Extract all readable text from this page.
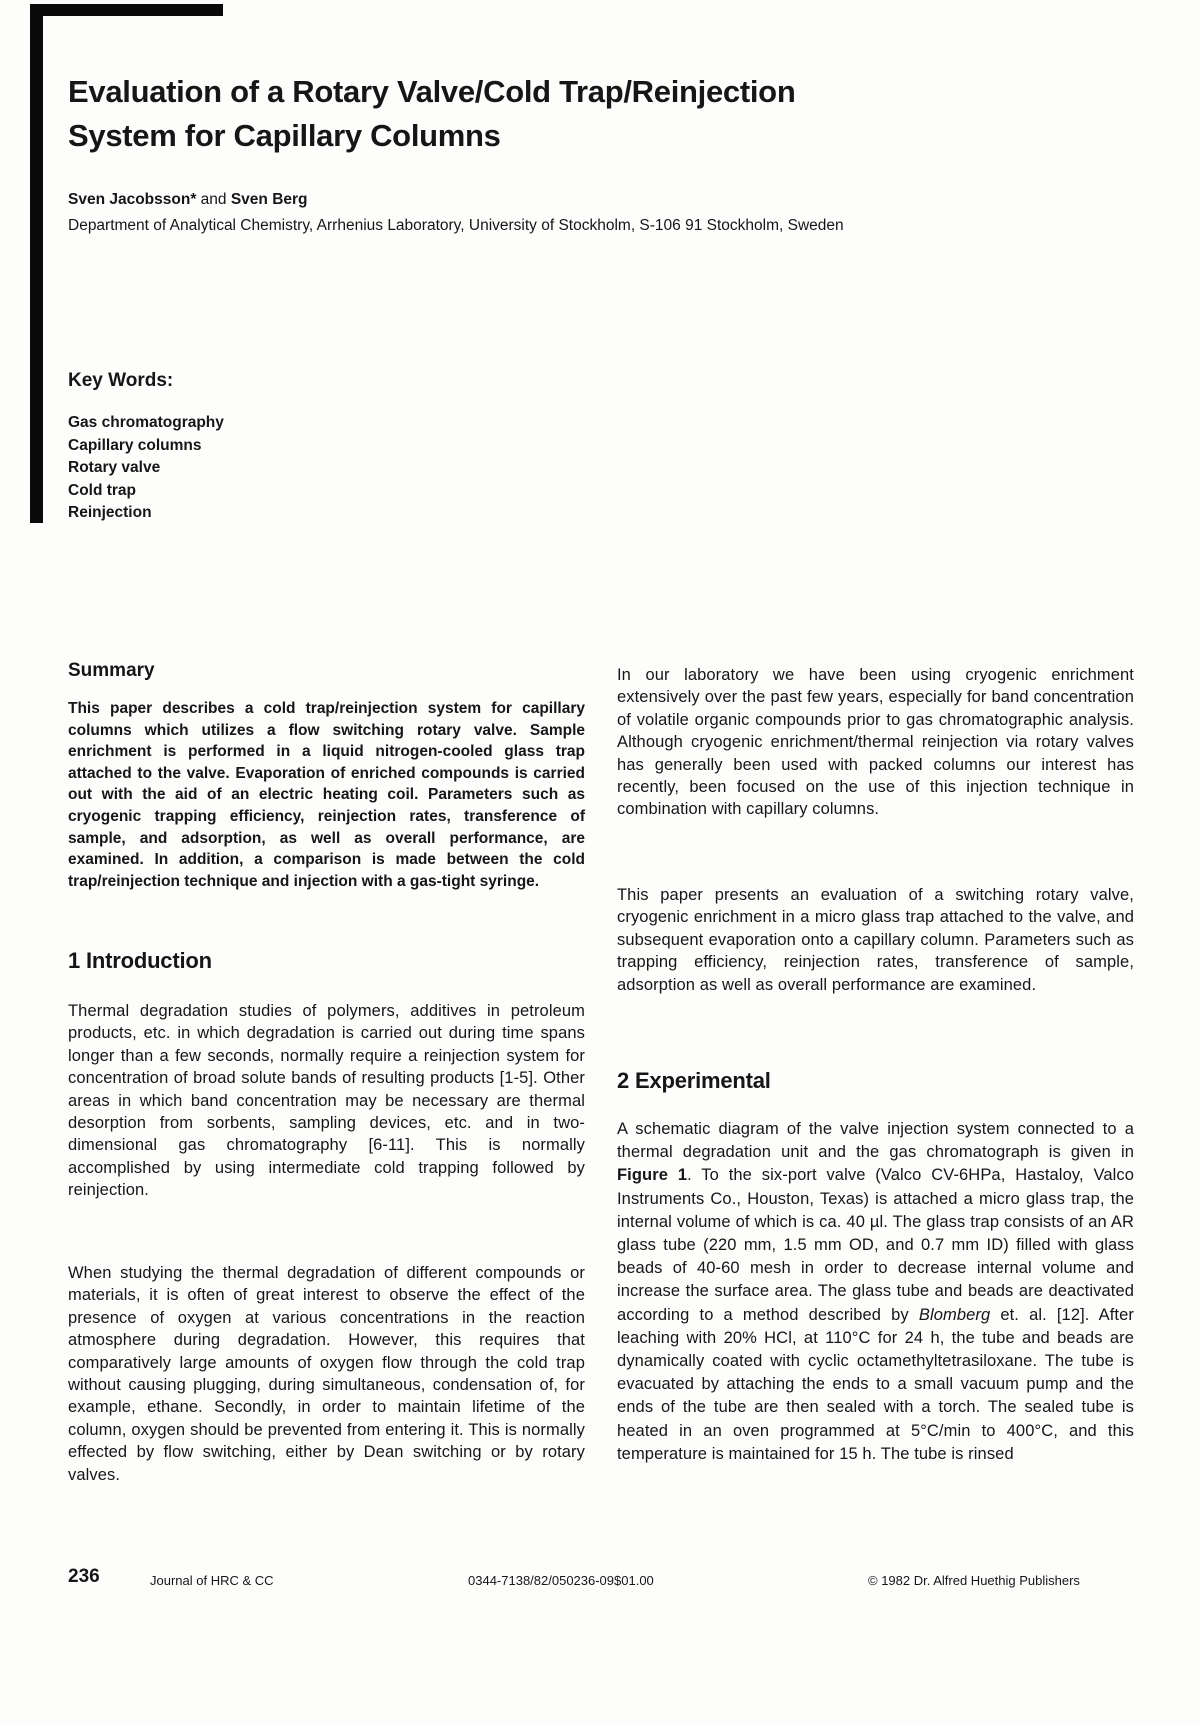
Evaluation of a Rotary Valve/Cold Trap/Reinjection
System for Capillary Columns
Sven Jacobsson* and Sven Berg
Department of Analytical Chemistry, Arrhenius Laboratory, University of Stockholm, S-106 91 Stockholm, Sweden
Key Words:
Gas chromatography
Capillary columns
Rotary valve
Cold trap
Reinjection
Summary
This paper describes a cold trap/reinjection system for capillary columns which utilizes a flow switching rotary valve. Sample enrichment is performed in a liquid nitrogen-cooled glass trap attached to the valve. Evaporation of enriched compounds is carried out with the aid of an electric heating coil. Parameters such as cryogenic trapping efficiency, reinjection rates, transference of sample, and adsorption, as well as overall performance, are examined. In addition, a comparison is made between the cold trap/reinjection technique and injection with a gas-tight syringe.
1 Introduction
Thermal degradation studies of polymers, additives in petroleum products, etc. in which degradation is carried out during time spans longer than a few seconds, normally require a reinjection system for concentration of broad solute bands of resulting products [1-5]. Other areas in which band concentration may be necessary are thermal desorption from sorbents, sampling devices, etc. and in two-dimensional gas chromatography [6-11]. This is normally accomplished by using intermediate cold trapping followed by reinjection.
When studying the thermal degradation of different compounds or materials, it is often of great interest to observe the effect of the presence of oxygen at various concentrations in the reaction atmosphere during degradation. However, this requires that comparatively large amounts of oxygen flow through the cold trap without causing plugging, during simultaneous, condensation of, for example, ethane. Secondly, in order to maintain lifetime of the column, oxygen should be prevented from entering it. This is normally effected by flow switching, either by Dean switching or by rotary valves.
In our laboratory we have been using cryogenic enrichment extensively over the past few years, especially for band concentration of volatile organic compounds prior to gas chromatographic analysis. Although cryogenic enrichment/thermal reinjection via rotary valves has generally been used with packed columns our interest has recently, been focused on the use of this injection technique in combination with capillary columns.
This paper presents an evaluation of a switching rotary valve, cryogenic enrichment in a micro glass trap attached to the valve, and subsequent evaporation onto a capillary column. Parameters such as trapping efficiency, reinjection rates, transference of sample, adsorption as well as overall performance are examined.
2 Experimental
A schematic diagram of the valve injection system connected to a thermal degradation unit and the gas chromatograph is given in Figure 1. To the six-port valve (Valco CV-6HPa, Hastaloy, Valco Instruments Co., Houston, Texas) is attached a micro glass trap, the internal volume of which is ca. 40 µl. The glass trap consists of an AR glass tube (220 mm, 1.5 mm OD, and 0.7 mm ID) filled with glass beads of 40-60 mesh in order to decrease internal volume and increase the surface area. The glass tube and beads are deactivated according to a method described by Blomberg et. al. [12]. After leaching with 20% HCl, at 110°C for 24 h, the tube and beads are dynamically coated with cyclic octamethyltetrasiloxane. The tube is evacuated by attaching the ends to a small vacuum pump and the ends of the tube are then sealed with a torch. The sealed tube is heated in an oven programmed at 5°C/min to 400°C, and this temperature is maintained for 15 h. The tube is rinsed
236	Journal of HRC & CC	0344-7138/82/050236-09$01.00	© 1982 Dr. Alfred Huethig Publishers
